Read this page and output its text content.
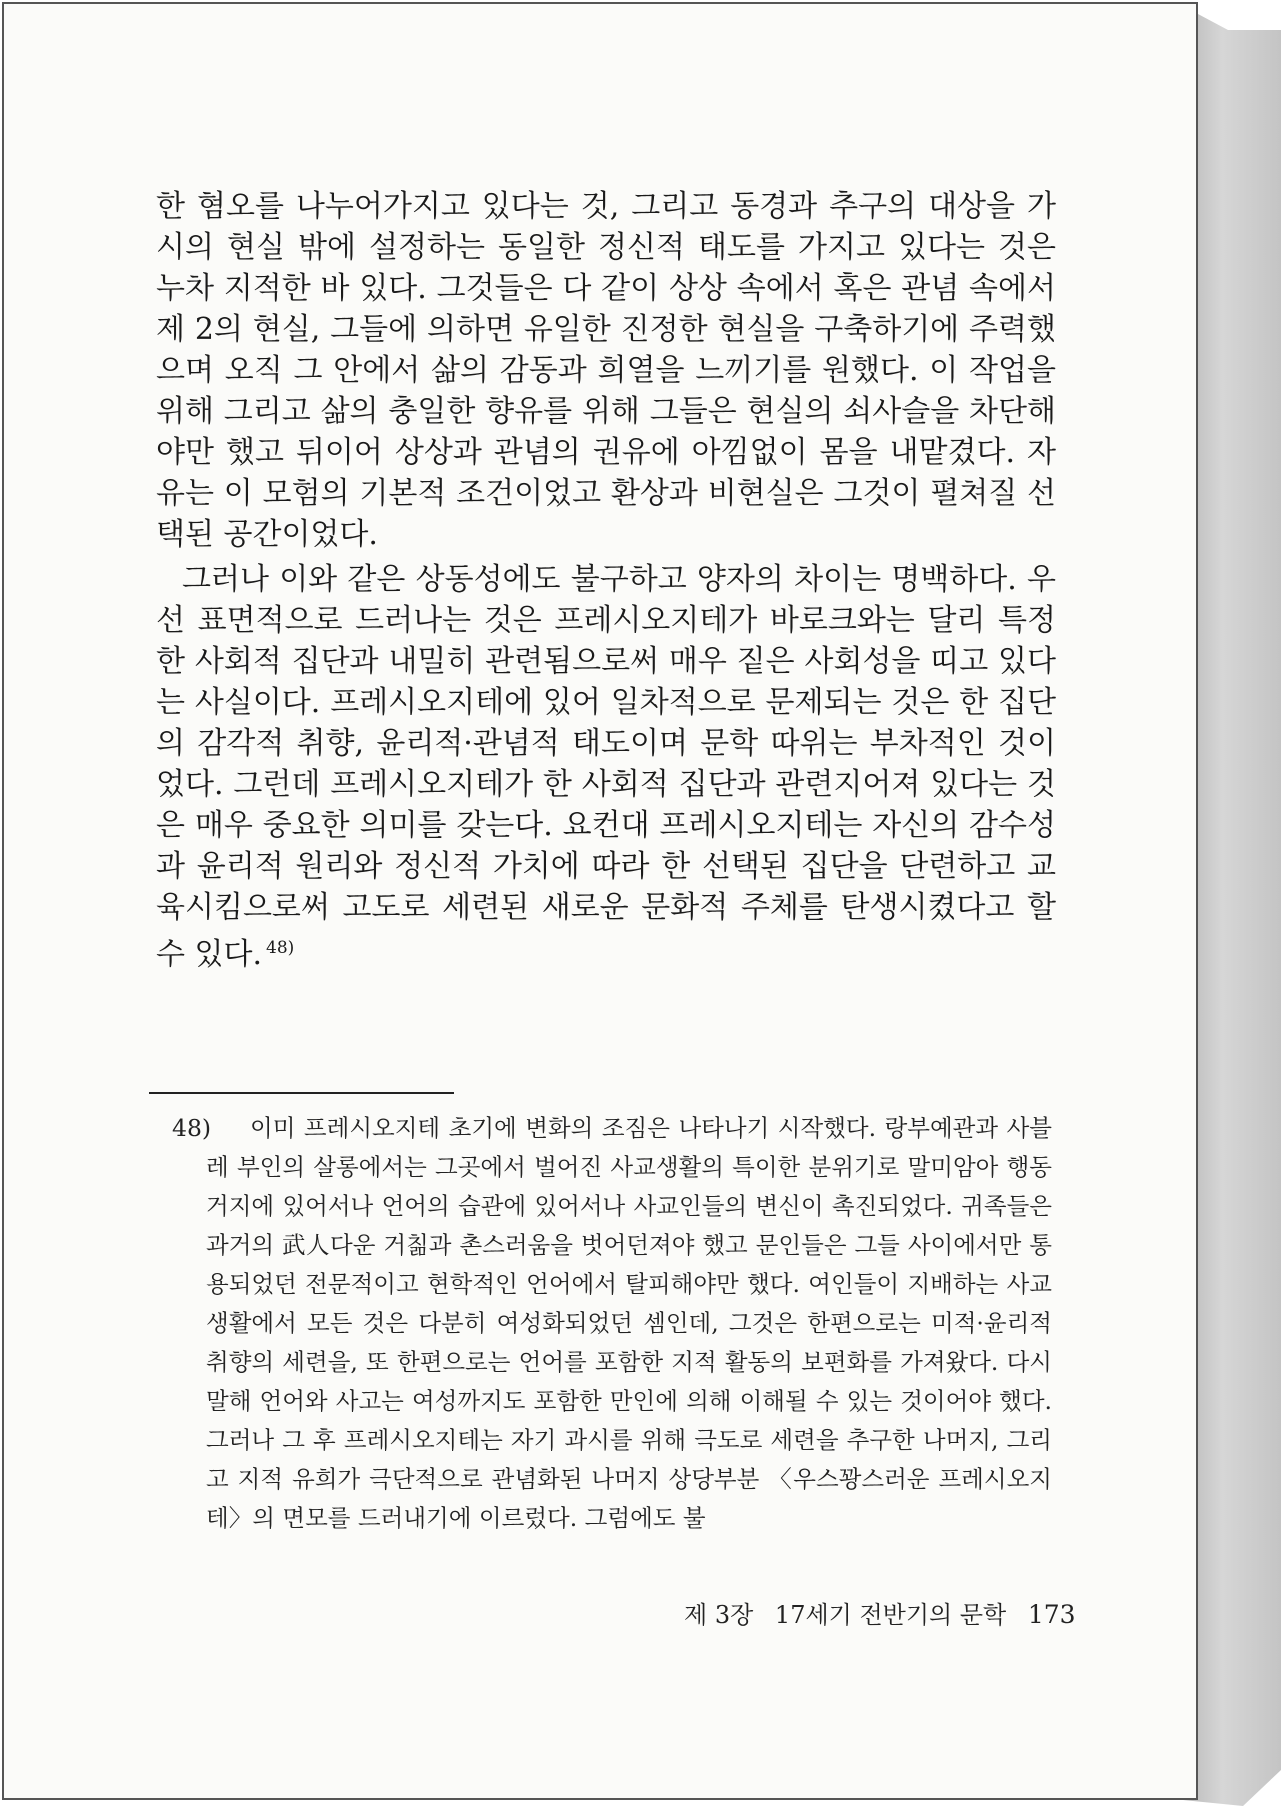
한 혐오를 나누어가지고 있다는 것, 그리고 동경과 추구의 대상을 가시의 현실 밖에 설정하는 동일한 정신적 태도를 가지고 있다는 것은 누차 지적한 바 있다. 그것들은 다 같이 상상 속에서 혹은 관념 속에서 제 2의 현실, 그들에 의하면 유일한 진정한 현실을 구축하기에 주력했으며 오직 그 안에서 삶의 감동과 희열을 느끼기를 원했다. 이 작업을 위해 그리고 삶의 충일한 향유를 위해 그들은 현실의 쇠사슬을 차단해야만 했고 뒤이어 상상과 관념의 권유에 아낌없이 몸을 내맡겼다. 자유는 이 모험의 기본적 조건이었고 환상과 비현실은 그것이 펼쳐질 선택된 공간이었다.

그러나 이와 같은 상동성에도 불구하고 양자의 차이는 명백하다. 우선 표면적으로 드러나는 것은 프레시오지테가 바로크와는 달리 특정한 사회적 집단과 내밀히 관련됨으로써 매우 짙은 사회성을 띠고 있다는 사실이다. 프레시오지테에 있어 일차적으로 문제되는 것은 한 집단의 감각적 취향, 윤리적·관념적 태도이며 문학 따위는 부차적인 것이었다. 그런데 프레시오지테가 한 사회적 집단과 관련지어져 있다는 것은 매우 중요한 의미를 갖는다. 요컨대 프레시오지테는 자신의 감수성과 윤리적 원리와 정신적 가치에 따라 한 선택된 집단을 단련하고 교육시킴으로써 고도로 세련된 새로운 문화적 주체를 탄생시켰다고 할 수 있다. $^{48)}$

48)	이미 프레시오지테 초기에 변화의 조짐은 나타나기 시작했다. 랑부예관과 사블레 부인의 살롱에서는 그곳에서 벌어진 사교생활의 특이한 분위기로 말미암아 행동거지에 있어서나 언어의 습관에 있어서나 사교인들의 변신이 촉진되었다. 귀족들은 과거의 武人다운 거칢과 촌스러움을 벗어던져야 했고 문인들은 그들 사이에서만 통용되었던 전문적이고 현학적인 언어에서 탈피해야만 했다. 여인들이 지배하는 사교생활에서 모든 것은 다분히 여성화되었던 셈인데, 그것은 한편으로는 미적·윤리적 취향의 세련을, 또 한편으로는 언어를 포함한 지적 활동의 보편화를 가져왔다. 다시 말해 언어와 사고는 여성까지도 포함한 만인에 의해 이해될 수 있는 것이어야 했다. 그러나 그 후 프레시오지테는 자기 과시를 위해 극도로 세련을 추구한 나머지, 그리고 지적 유희가 극단적으로 관념화된 나머지 상당부분 〈우스꽝스러운 프레시오지테〉의 면모를 드러내기에 이르렀다. 그럼에도 불

제 3장 17세기 전반기의 문학 173
